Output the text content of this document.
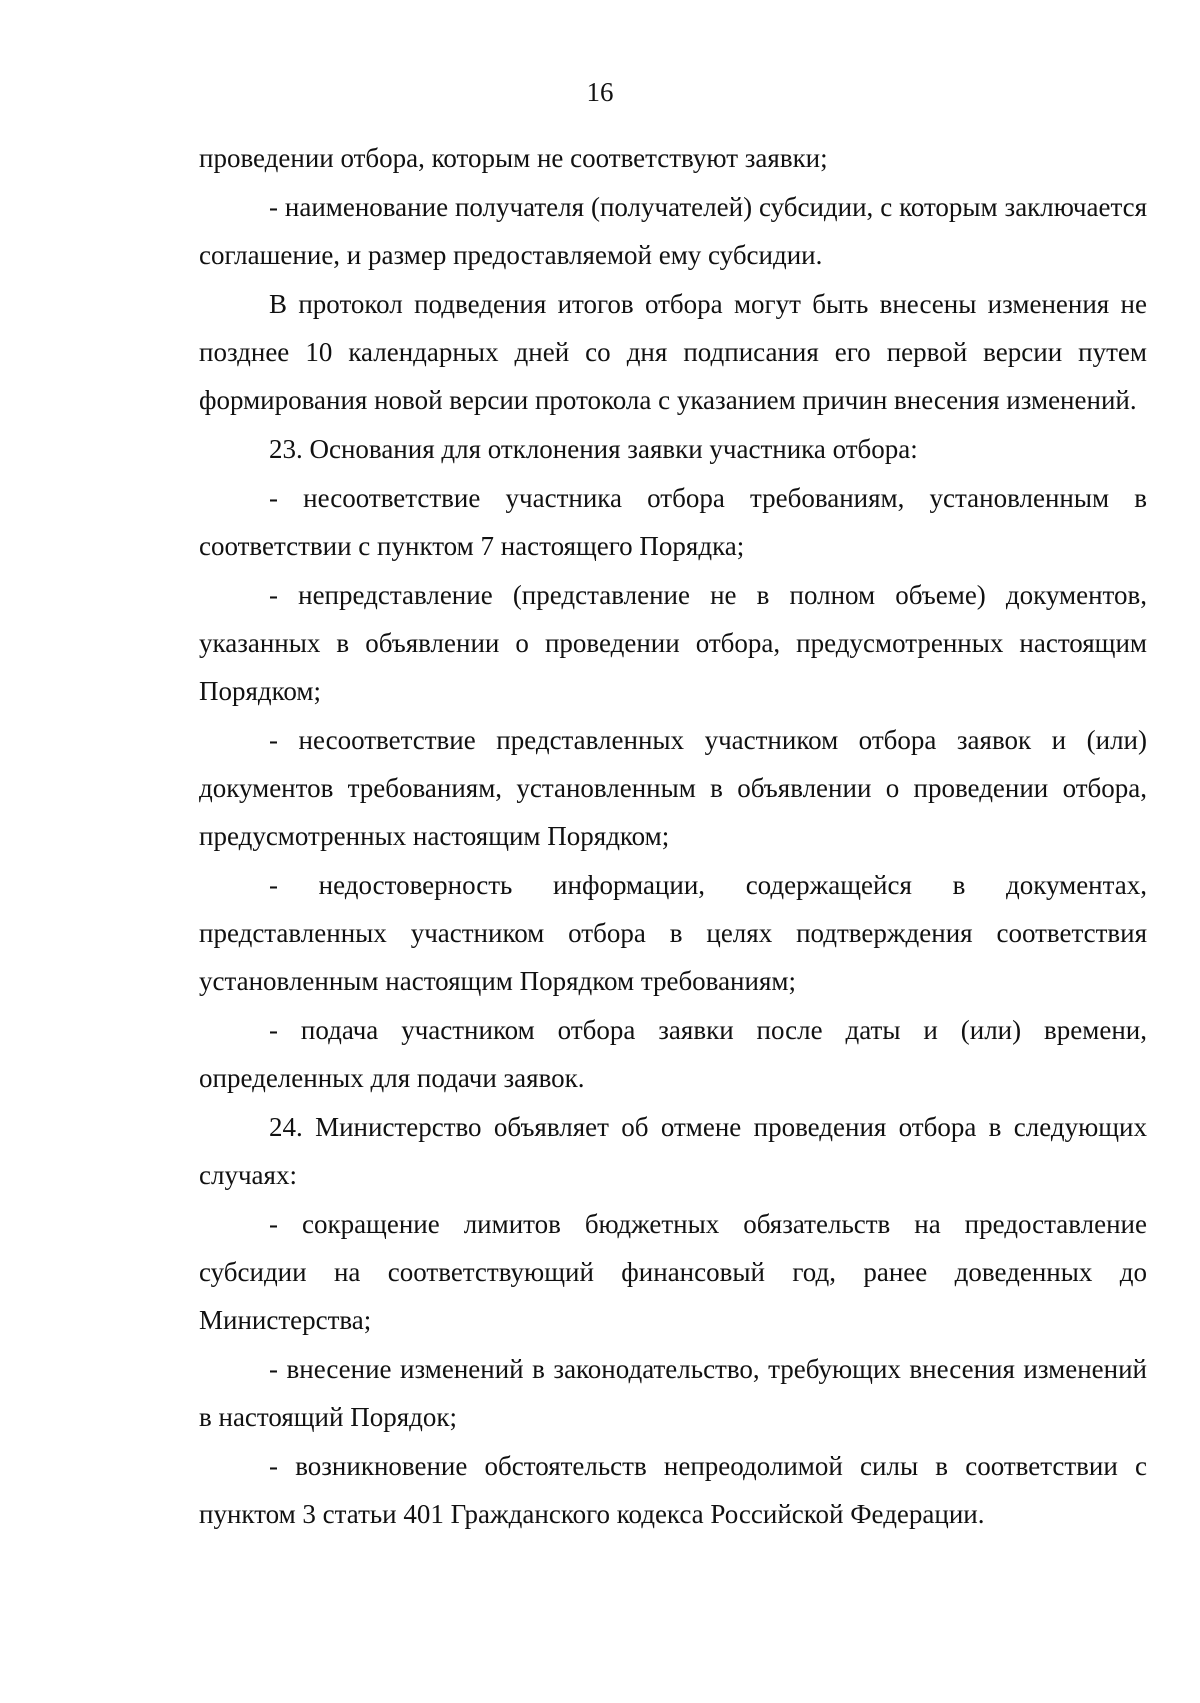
16

проведении отбора, которым не соответствуют заявки;

- наименование получателя (получателей) субсидии, с которым заключается соглашение, и размер предоставляемой ему субсидии.

В протокол подведения итогов отбора могут быть внесены изменения не позднее 10 календарных дней со дня подписания его первой версии путем формирования новой версии протокола с указанием причин внесения изменений.

23. Основания для отклонения заявки участника отбора:

- несоответствие участника отбора требованиям, установленным в соответствии с пунктом 7 настоящего Порядка;

- непредставление (представление не в полном объеме) документов, указанных в объявлении о проведении отбора, предусмотренных настоящим Порядком;

- несоответствие представленных участником отбора заявок и (или) документов требованиям, установленным в объявлении о проведении отбора, предусмотренных настоящим Порядком;

- недостоверность информации, содержащейся в документах, представленных участником отбора в целях подтверждения соответствия установленным настоящим Порядком требованиям;

- подача участником отбора заявки после даты и (или) времени, определенных для подачи заявок.

24. Министерство объявляет об отмене проведения отбора в следующих случаях:

- сокращение лимитов бюджетных обязательств на предоставление субсидии на соответствующий финансовый год, ранее доведенных до Министерства;

- внесение изменений в законодательство, требующих внесения изменений в настоящий Порядок;

- возникновение обстоятельств непреодолимой силы в соответствии с пунктом 3 статьи 401 Гражданского кодекса Российской Федерации.
